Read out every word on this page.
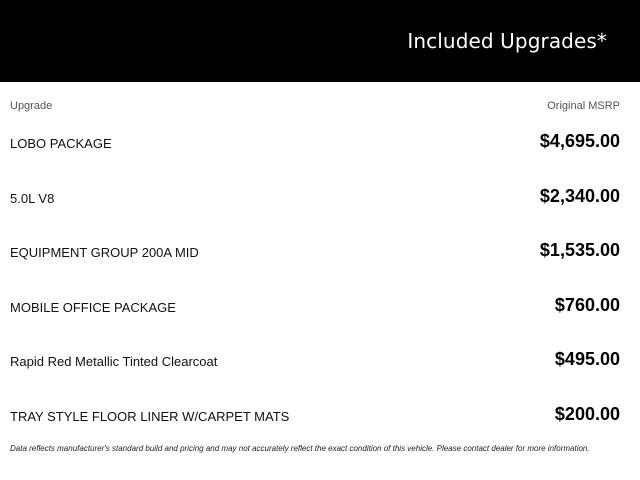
Included Upgrades*
Upgrade	Original MSRP
LOBO PACKAGE	$4,695.00
5.0L V8	$2,340.00
EQUIPMENT GROUP 200A MID	$1,535.00
MOBILE OFFICE PACKAGE	$760.00
Rapid Red Metallic Tinted Clearcoat	$495.00
TRAY STYLE FLOOR LINER W/CARPET MATS	$200.00
Data reflects manufacturer's standard build and pricing and may not accurately reflect the exact condition of this vehicle. Please contact dealer for more information.
